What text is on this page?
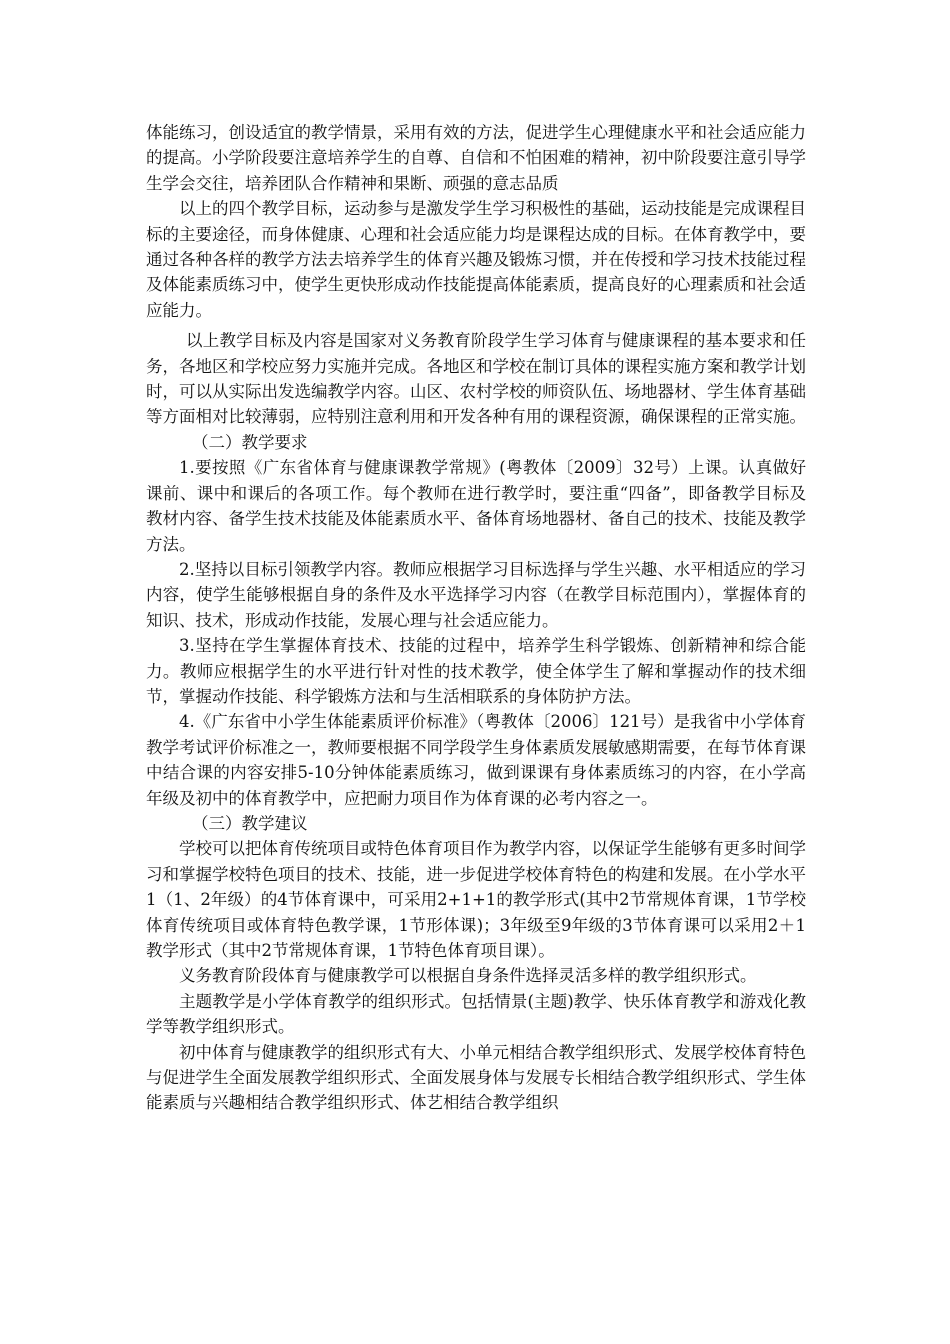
体能练习，创设适宜的教学情景，采用有效的方法，促进学生心理健康水平和社会适应能力的提高。小学阶段要注意培养学生的自尊、自信和不怕困难的精神，初中阶段要注意引导学生学会交往，培养团队合作精神和果断、顽强的意志品质

以上的四个教学目标，运动参与是激发学生学习积极性的基础，运动技能是完成课程目标的主要途径，而身体健康、心理和社会适应能力均是课程达成的目标。在体育教学中，要通过各种各样的教学方法去培养学生的体育兴趣及锻炼习惯，并在传授和学习技术技能过程及体能素质练习中，使学生更快形成动作技能提高体能素质，提高良好的心理素质和社会适应能力。

以上教学目标及内容是国家对义务教育阶段学生学习体育与健康课程的基本要求和任务，各地区和学校应努力实施并完成。各地区和学校在制订具体的课程实施方案和教学计划时，可以从实际出发选编教学内容。山区、农村学校的师资队伍、场地器材、学生体育基础等方面相对比较薄弱，应特别注意利用和开发各种有用的课程资源，确保课程的正常实施。

（二）教学要求

1.要按照《广东省体育与健康课教学常规》(粤教体〔2009〕32号）上课。认真做好课前、课中和课后的各项工作。每个教师在进行教学时，要注重“四备”，即备教学目标及教材内容、备学生技术技能及体能素质水平、备体育场地器材、备自己的技术、技能及教学方法。

2.坚持以目标引领教学内容。教师应根据学习目标选择与学生兴趣、水平相适应的学习内容，使学生能够根据自身的条件及水平选择学习内容（在教学目标范围内），掌握体育的知识、技术，形成动作技能，发展心理与社会适应能力。

3.坚持在学生掌握体育技术、技能的过程中，培养学生科学锻炼、创新精神和综合能力。教师应根据学生的水平进行针对性的技术教学，使全体学生了解和掌握动作的技术细节，掌握动作技能、科学锻炼方法和与生活相联系的身体防护方法。

4.《广东省中小学生体能素质评价标准》（粤教体〔2006〕121号）是我省中小学体育教学考试评价标准之一，教师要根据不同学段学生身体素质发展敏感期需要，在每节体育课中结合课的内容安排5-10分钟体能素质练习，做到课课有身体素质练习的内容，在小学高年级及初中的体育教学中，应把耐力项目作为体育课的必考内容之一。

（三）教学建议

学校可以把体育传统项目或特色体育项目作为教学内容，以保证学生能够有更多时间学习和掌握学校特色项目的技术、技能，进一步促进学校体育特色的构建和发展。在小学水平1（1、2年级）的4节体育课中，可采用2+1+1的教学形式(其中2节常规体育课，1节学校体育传统项目或体育特色教学课，1节形体课)；3年级至9年级的3节体育课可以采用2＋1教学形式（其中2节常规体育课，1节特色体育项目课）。

义务教育阶段体育与健康教学可以根据自身条件选择灵活多样的教学组织形式。

主题教学是小学体育教学的组织形式。包括情景(主题)教学、快乐体育教学和游戏化教学等教学组织形式。

初中体育与健康教学的组织形式有大、小单元相结合教学组织形式、发展学校体育特色与促进学生全面发展教学组织形式、全面发展身体与发展专长相结合教学组织形式、学生体能素质与兴趣相结合教学组织形式、体艺相结合教学组织
